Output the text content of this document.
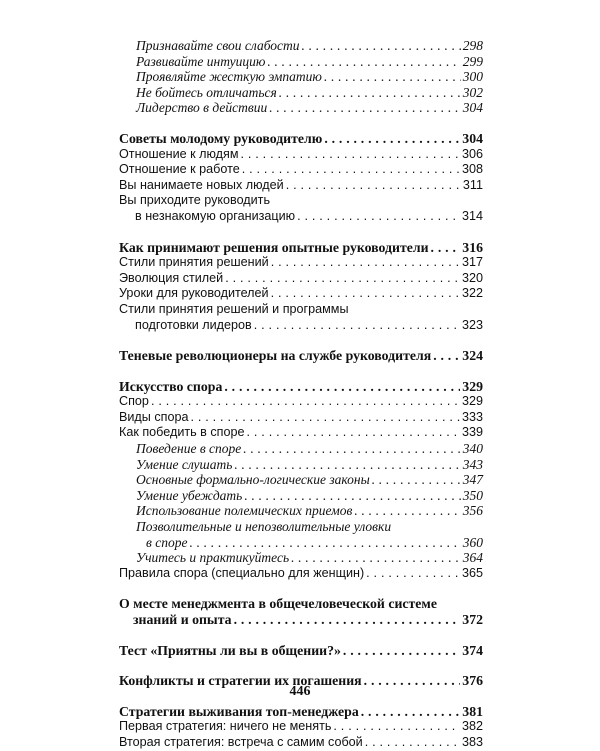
Признавайте свои слабости . . .	298
Развивайте интуицию . . .	299
Проявляйте жесткую эмпатию . . .	300
Не бойтесь отличаться . . .	302
Лидерство в действии . . .	304
Советы молодому руководителю . . .	304
Отношение к людям . . .	306
Отношение к работе . . .	308
Вы нанимаете новых людей . . .	311
Вы приходите руководить
в незнакомую организацию . . .	314
Как принимают решения опытные руководители . . . 316
Стили принятия решений . . .	317
Эволюция стилей . . .	320
Уроки для руководителей . . .	322
Стили принятия решений и программы
подготовки лидеров . . .	323
Теневые революционеры на службе руководителя . . . 324
Искусство спора . . .	329
Спор . . .	329
Виды спора . . .	333
Как победить в споре . . .	339
Поведение в споре . . .	340
Умение слушать . . .	343
Основные формально-логические законы . . .	347
Умение убеждать . . .	350
Использование полемических приемов . . .	356
Позволительные и непозволительные уловки
в споре . . .	360
Учитесь и практикуйтесь . . .	364
Правила спора (специально для женщин) . . .	365
О месте менеджмента в общечеловеческой системе
знаний и опыта . . .	372
Тест «Приятны ли вы в общении?» . . .	374
Конфликты и стратегии их погашения . . .	376
Стратегии выживания топ-менеджера . . .	381
Первая стратегия: ничего не менять . . .	382
Вторая стратегия: встреча с самим собой . . .	383
446
